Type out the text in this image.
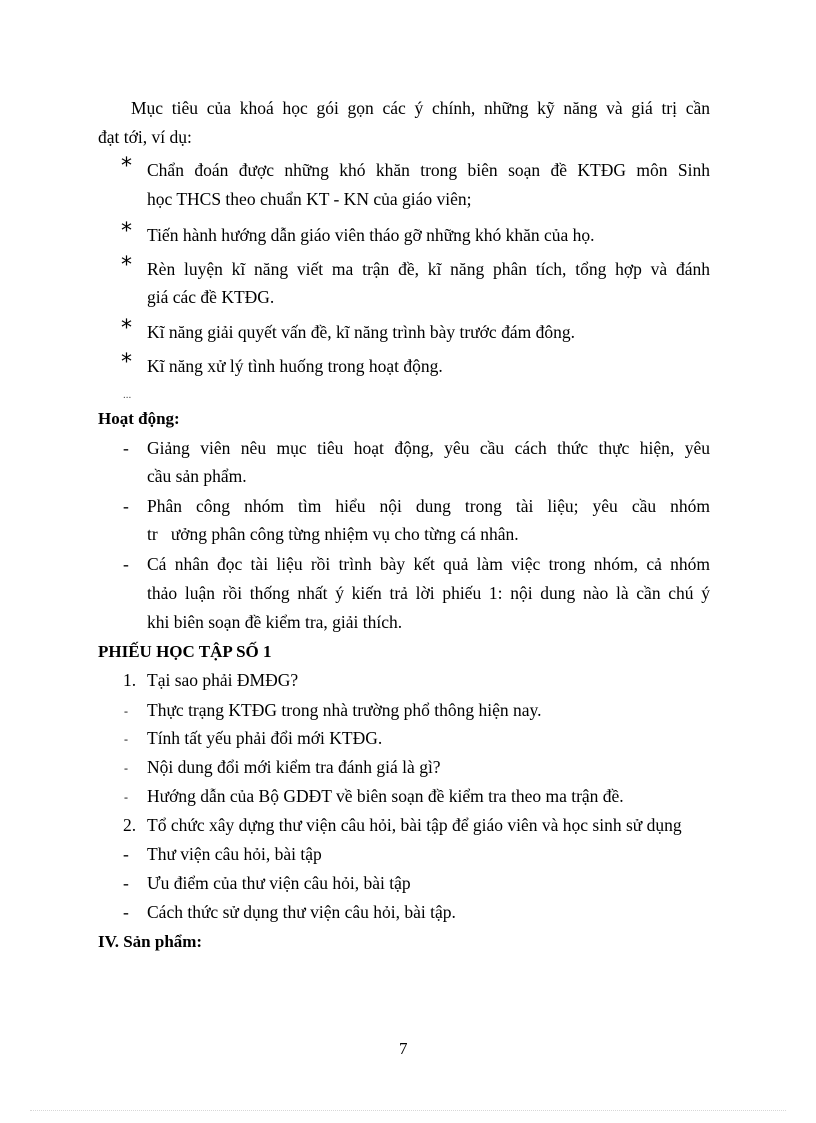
Mục tiêu của khoá học gói gọn các ý chính, những kỹ năng và giá trị cần
đạt tới, ví dụ:
* Chẩn đoán được những khó khăn trong biên soạn đề KTĐG môn Sinh
học THCS theo chuẩn KT - KN của giáo viên;
* Tiến hành hướng dẫn giáo viên tháo gỡ những khó khăn của họ.
* Rèn luyện kĩ năng viết ma trận đề, kĩ năng phân tích, tổng hợp và đánh
giá các đề KTĐG.
* Kĩ năng giải quyết vấn đề, kĩ năng trình bày trước đám đông.
* Kĩ năng xử lý tình huống trong hoạt động.
...
Hoạt động:
- Giảng viên nêu mục tiêu hoạt động, yêu cầu cách thức thực hiện, yêu
cầu sản phẩm.
- Phân công nhóm tìm hiểu nội dung trong tài liệu; yêu cầu nhóm
tr   ưởng phân công từng nhiệm vụ cho từng cá nhân.
- Cá nhân đọc tài liệu rồi trình bày kết quả làm việc trong nhóm, cả nhóm
thảo luận rồi thống nhất ý kiến trả lời phiếu 1: nội dung nào là cần chú ý
khi biên soạn đề kiểm tra, giải thích.
PHIẾU HỌC TẬP SỐ 1
1. Tại sao phải ĐMĐG?
- Thực trạng KTĐG trong nhà trường phổ thông hiện nay.
- Tính tất yếu phải đổi mới KTĐG.
- Nội dung đổi mới kiểm tra đánh giá là gì?
- Hướng dẫn của Bộ GDĐT về biên soạn đề kiểm tra theo ma trận đề.
2. Tổ chức xây dựng thư viện câu hỏi, bài tập để giáo viên và học sinh sử dụng
- Thư viện câu hỏi, bài tập
- Ưu điểm của thư viện câu hỏi, bài tập
- Cách thức sử dụng thư viện câu hỏi, bài tập.
IV. Sản phẩm:
7
